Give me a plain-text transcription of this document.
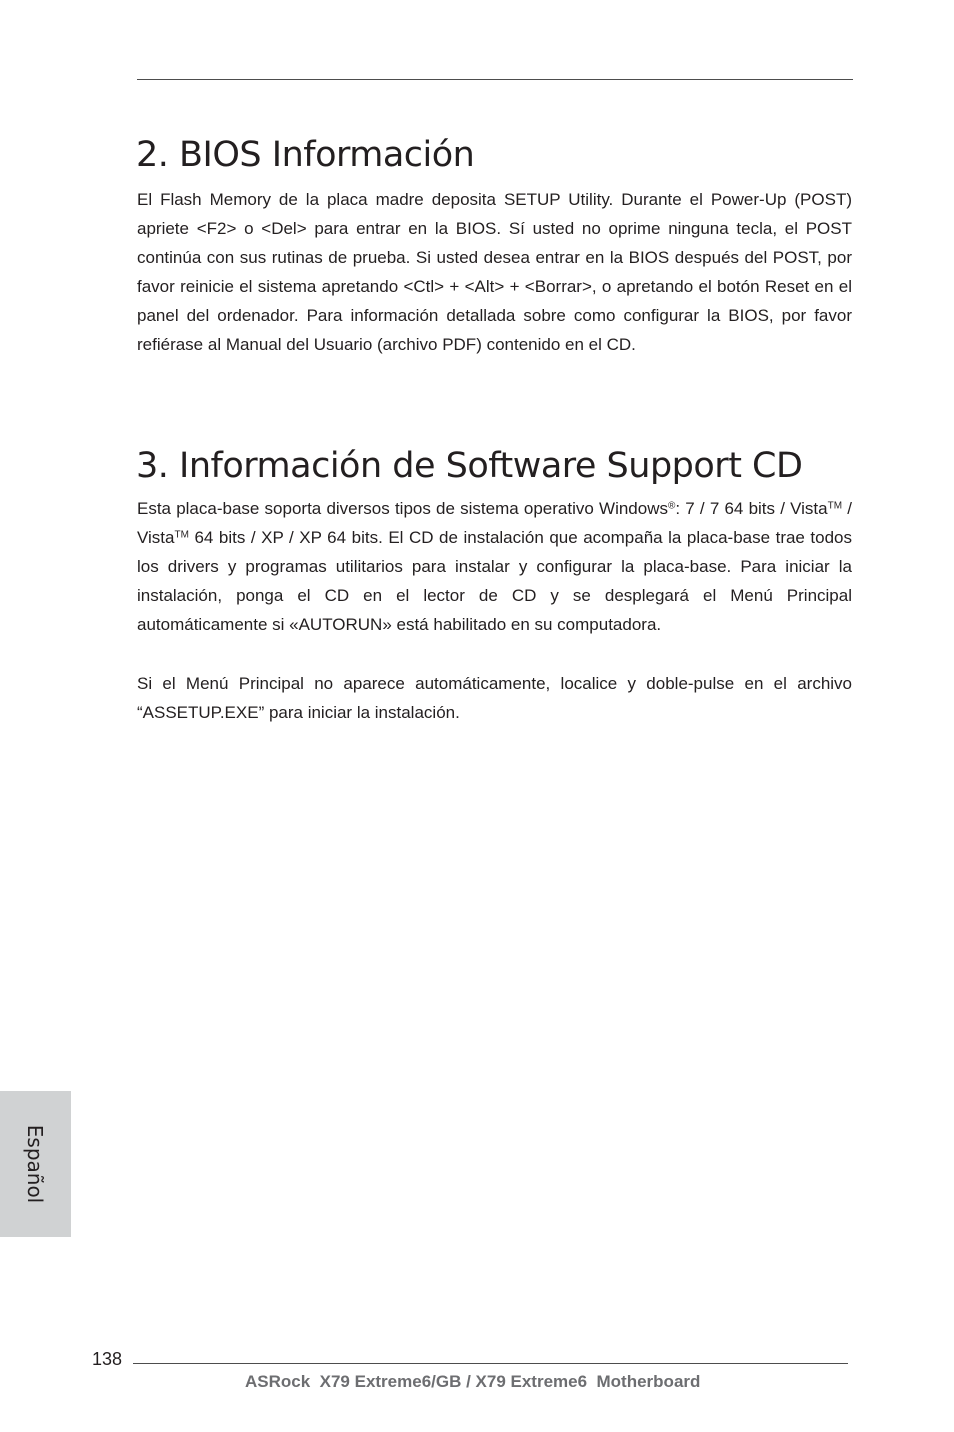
2. BIOS Información

El Flash Memory de la placa madre deposita SETUP Utility. Durante el Power-Up (POST) apriete <F2> o <Del> para entrar en la BIOS. Sí usted no oprime ninguna tecla, el POST continúa con sus rutinas de prueba. Si usted desea entrar en la BIOS después del POST, por favor reinicie el sistema apretando <Ctl> + <Alt> + <Borrar>, o apretando el botón Reset en el panel del ordenador. Para información detallada sobre como configurar la BIOS, por favor refiérase al Manual del Usuario (archivo PDF) contenido en el CD.

3. Información de Software Support CD

Esta placa-base soporta diversos tipos de sistema operativo Windows®: 7 / 7 64 bits / Vista™ / Vista™ 64 bits / XP / XP 64 bits. El CD de instalación que acompaña la placa-base trae todos los drivers y programas utilitarios para instalar y configurar la placa-base. Para iniciar la instalación, ponga el CD en el lector de CD y se desplegará el Menú Principal automáticamente si «AUTORUN» está habilitado en su computadora.

Si el Menú Principal no aparece automáticamente, localice y doble-pulse en el archivo “ASSETUP.EXE” para iniciar la instalación.

Español
138
ASRock  X79 Extreme6/GB / X79 Extreme6  Motherboard
